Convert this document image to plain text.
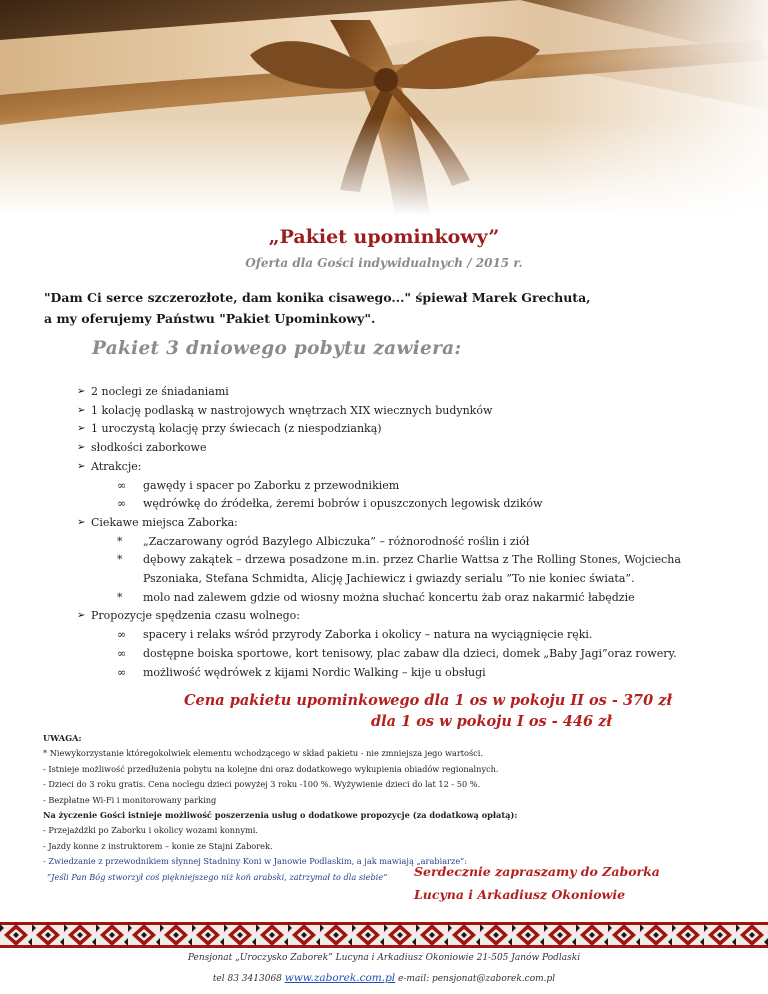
„Pakiet upominkowy”
Oferta dla Gości indywidualnych / 2015 r.
"Dam Ci serce szczerozłote, dam konika cisawego..." śpiewał Marek Grechuta,
a my oferujemy Państwu "Pakiet Upominkowy".
Pakiet 3 dniowego pobytu zawiera:
➢ 2 noclegi ze śniadaniami
➢ 1 kolację podlaską w nastrojowych wnętrzach XIX wiecznych budynków
➢ 1 uroczystą kolację przy świecach (z niespodzianką)
➢ słodkości zaborkowe
➢ Atrakcje:
∞	gawędy i spacer po Zaborku z przewodnikiem
∞	wędrówkę do źródełka, żeremi bobrów i opuszczonych legowisk dzików
➢ Ciekawe miejsca Zaborka:
*	„Zaczarowany ogród Bazylego Albiczuka” – różnorodność roślin i ziół
*	dębowy zakątek – drzewa posadzone m.in. przez Charlie Wattsa z The Rolling Stones, Wojciecha
Pszoniaka, Stefana Schmidta, Alicję Jachiewicz i gwiazdy serialu ”To nie koniec świata”.
*	molo nad zalewem gdzie od wiosny można słuchać koncertu żab oraz nakarmić łabędzie
➢ Propozycje spędzenia czasu wolnego:
∞	spacery i relaks wśród przyrody Zaborka i okolicy – natura na wyciągnięcie ręki.
∞	dostępne boiska sportowe, kort tenisowy, plac zabaw dla dzieci, domek „Baby Jagi”oraz rowery.
∞	możliwość wędrówek z kijami Nordic Walking – kije u obsługi
Cena pakietu upominkowego dla 1 os w pokoju II os - 370 zł
dla 1 os w pokoju I os - 446 zł
UWAGA:
* Niewykorzystanie któregokolwiek elementu wchodzącego w skład pakietu - nie zmniejsza jego wartości.
- Istnieje możliwość przedłużenia pobytu na kolejne dni oraz dodatkowego wykupienia obiadów regionalnych.
- Dzieci do 3 roku gratis. Cena noclegu dzieci powyżej 3 roku -100 %. Wyżywienie dzieci do lat 12 - 50 %.
- Bezpłatne Wi-Fi i monitorowany parking
Na życzenie Gości istnieje możliwość poszerzenia usług o dodatkowe propozycje (za dodatkową opłatą):
- Przejażdżki po Zaborku i okolicy wozami konnymi.
- Jazdy konne z instruktorem – konie ze Stajni Zaborek.
- Zwiedzanie z przewodnikiem słynnej Stadniny Koni w Janowie Podlaskim, a jak mawiają „arabiarze”:
”Jeśli Pan Bóg stworzył coś piękniejszego niż koń arabski, zatrzymał to dla siebie”	Serdecznie zapraszamy do Zaborka
Lucyna i Arkadiusz Okoniowie
Pensjonat „Uroczysko Zaborek” Lucyna i Arkadiusz Okoniowie 21-505 Janów Podlaski
tel 83 3413068 www.zaborek.com.pl e-mail: pensjonat@zaborek.com.pl
